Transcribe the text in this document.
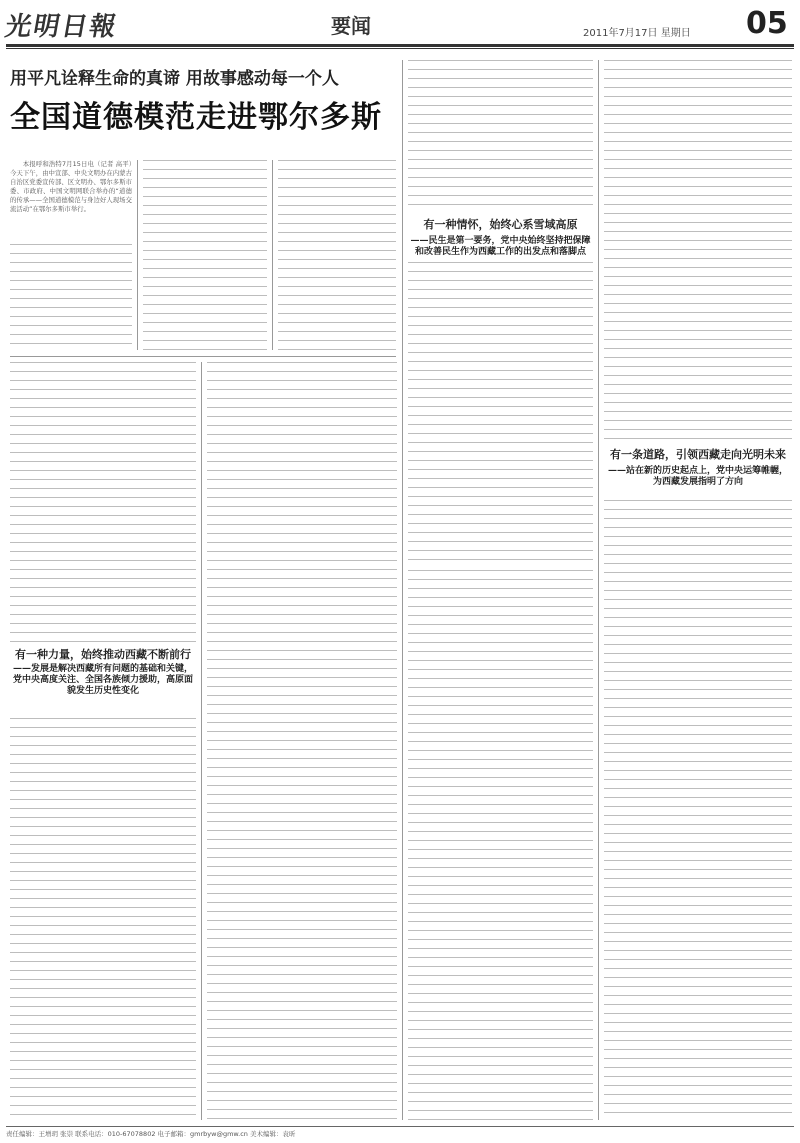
光明日報	要闻	2011年7月17日 星期日 05
用平凡诠释生命的真谛 用故事感动每一个人
全国道德模范走进鄂尔多斯

本报呼和浩特7月15日电（记者 高平）今天下午，由中宣部、中央文明办在内蒙古自治区党委宣传部、区文明办、鄂尔多斯市委、市政府、中国文明网联合举办的“道德的传承——全国道德模范与身边好人现场交流活动”在鄂尔多斯市举行。

有一种情怀，始终心系雪域高原
——民生是第一要务，党中央始终坚持把保障和改善民生作为西藏工作的出发点和落脚点
有一条道路，引领西藏走向光明未来
——站在新的历史起点上，党中央运筹帷幄，为西藏发展指明了方向
有一种力量，始终推动西藏不断前行
——发展是解决西藏所有问题的基础和关键，党中央高度关注、全国各族倾力援助，高原面貌发生历史性变化
责任编辑：王增玥 张崇 联系电话：010-67078802 电子邮箱：gmrbyw@gmw.cn 美术编辑：袁昕
